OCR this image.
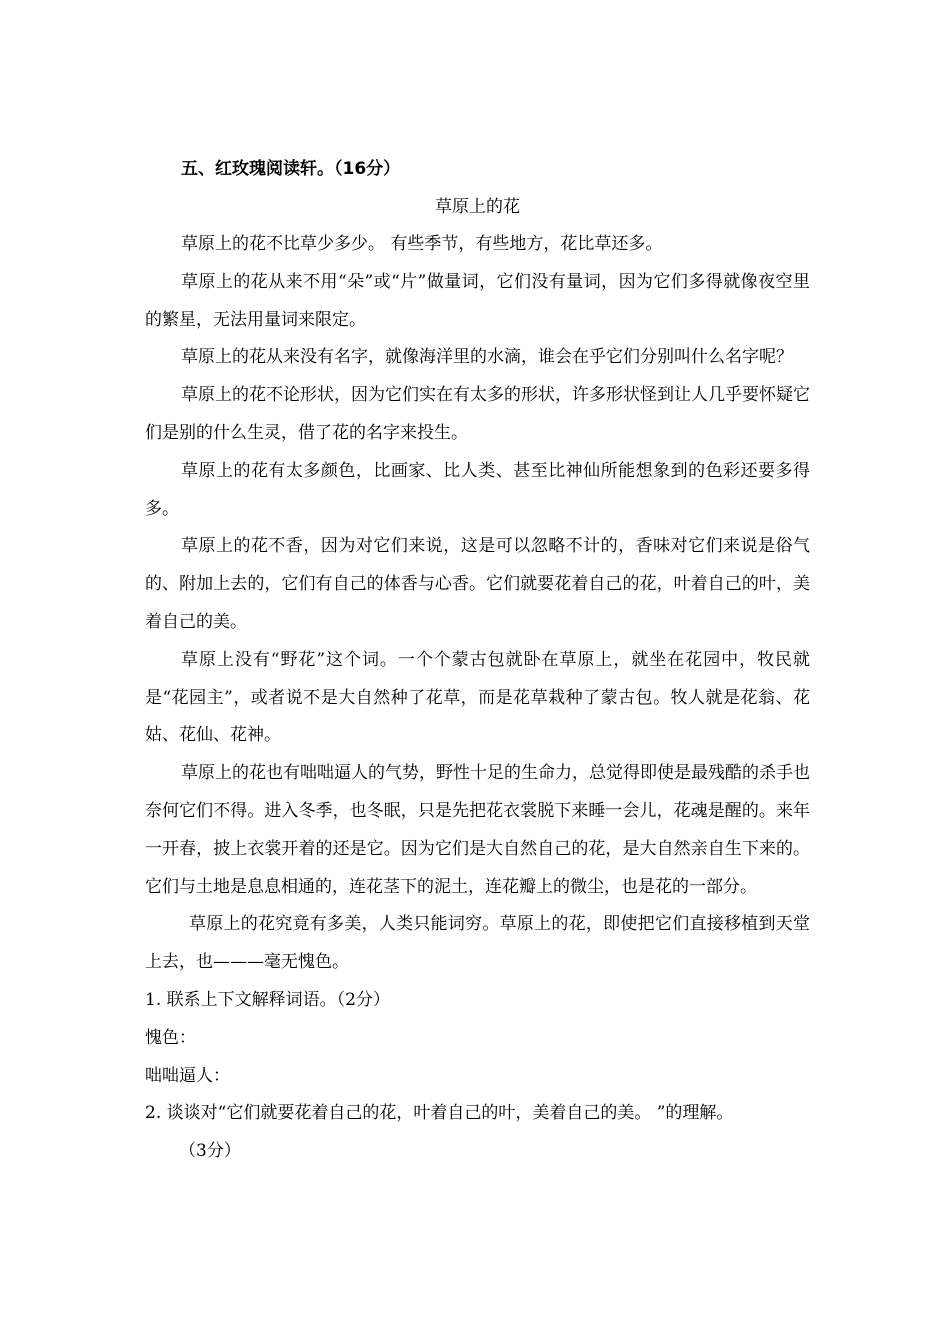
五、红玫瑰阅读轩。（16分）
草原上的花

草原上的花不比草少多少。 有些季节，有些地方，花比草还多。

草原上的花从来不用“朵”或“片”做量词，它们没有量词，因为它们多得就像夜空里的繁星，无法用量词来限定。

草原上的花从来没有名字，就像海洋里的水滴，谁会在乎它们分别叫什么名字呢？

草原上的花不论形状，因为它们实在有太多的形状，许多形状怪到让人几乎要怀疑它们是别的什么生灵，借了花的名字来投生。

草原上的花有太多颜色，比画家、比人类、甚至比神仙所能想象到的色彩还要多得多。

草原上的花不香，因为对它们来说，这是可以忽略不计的，香味对它们来说是俗气的、附加上去的，它们有自己的体香与心香。它们就要花着自己的花，叶着自己的叶，美着自己的美。

草原上没有“野花”这个词。一个个蒙古包就卧在草原上，就坐在花园中，牧民就是“花园主”，或者说不是大自然种了花草，而是花草栽种了蒙古包。牧人就是花翁、花姑、花仙、花神。

草原上的花也有咄咄逼人的气势，野性十足的生命力，总觉得即使是最残酷的杀手也奈何它们不得。进入冬季，也冬眠，只是先把花衣裳脱下来睡一会儿，花魂是醒的。来年一开春，披上衣裳开着的还是它。因为它们是大自然自己的花，是大自然亲自生下来的。它们与土地是息息相通的，连花茎下的泥土，连花瓣上的微尘，也是花的一部分。

草原上的花究竟有多美，人类只能词穷。草原上的花，即使把它们直接移植到天堂上去，也———毫无愧色。

1. 联系上下文解释词语。（2分）

愧色：

咄咄逼人：

2. 谈谈对“它们就要花着自己的花，叶着自己的叶，美着自己的美。 ”的理解。

（3分）
